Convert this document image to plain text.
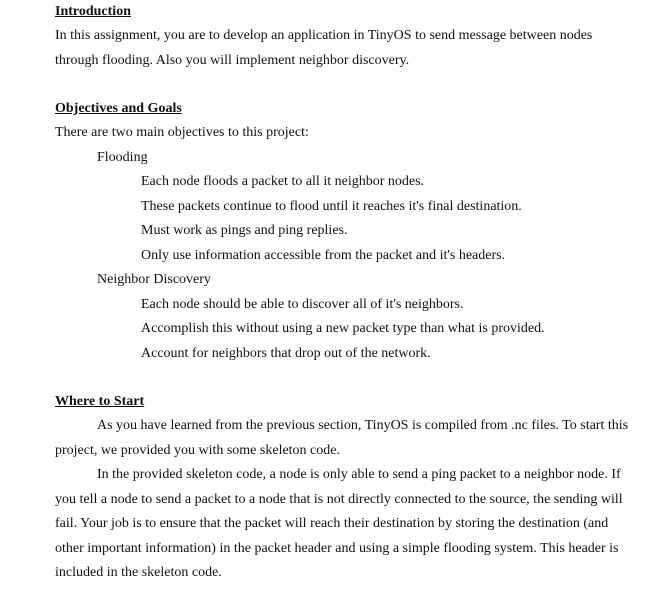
Introduction
In this assignment, you are to develop an application in TinyOS to send message between nodes
through flooding. Also you will implement neighbor discovery.
Objectives and Goals
There are two main objectives to this project:
Flooding
Each node floods a packet to all it neighbor nodes.
These packets continue to flood until it reaches it's final destination.
Must work as pings and ping replies.
Only use information accessible from the packet and it's headers.
Neighbor Discovery
Each node should be able to discover all of it's neighbors.
Accomplish this without using a new packet type than what is provided.
Account for neighbors that drop out of the network.
Where to Start
As you have learned from the previous section, TinyOS is compiled from .nc files. To start this
project, we provided you with some skeleton code.
In the provided skeleton code, a node is only able to send a ping packet to a neighbor node. If
you tell a node to send a packet to a node that is not directly connected to the source, the sending will
fail. Your job is to ensure that the packet will reach their destination by storing the destination (and
other important information) in the packet header and using a simple flooding system. This header is
included in the skeleton code.
